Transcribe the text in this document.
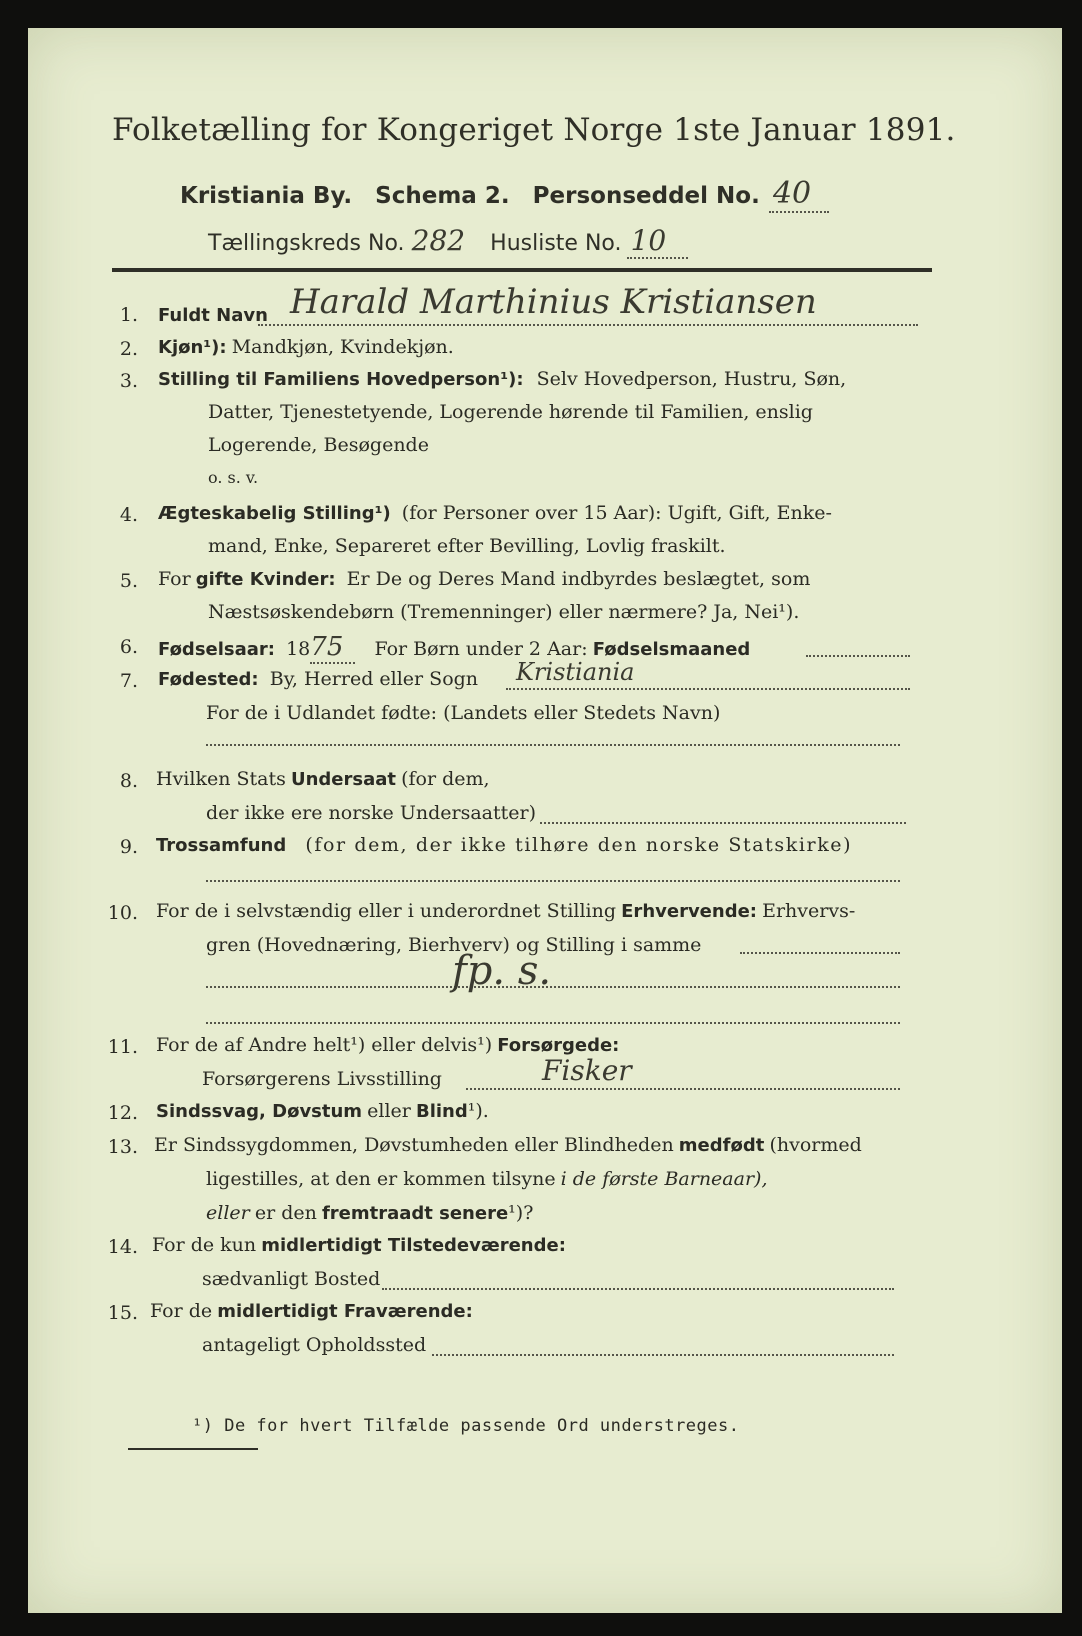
Folketælling for Kongeriget Norge 1ste Januar 1891.
Kristiania By. Schema 2. Personseddel No. 40
Tællingskreds No. 282 Husliste No. 10
1. Fuldt Navn Harald Marthinius Kristiansen
2. Kjøn¹): Mandkjøn, Kvindekjøn.
3. Stilling til Familiens Hovedperson¹): Selv Hovedperson, Hustru, Søn,
Datter, Tjenestetyende, Logerende hørende til Familien, enslig
Logerende, Besøgende
o. s. v.
4. Ægteskabelig Stilling¹) (for Personer over 15 Aar): Ugift, Gift, Enke-
mand, Enke, Separeret efter Bevilling, Lovlig fraskilt.
5. For gifte Kvinder: Er De og Deres Mand indbyrdes beslægtet, som
Næstsøskendebørn (Tremenninger) eller nærmere? Ja, Nei¹).
6. Fødselsaar: 1875 For Børn under 2 Aar: Fødselsmaaned
7. Fødested: By, Herred eller Sogn Kristiania
For de i Udlandet fødte: (Landets eller Stedets Navn)
8. Hvilken Stats Undersaat (for dem,
der ikke ere norske Undersaatter)
9. Trossamfund (for dem, der ikke tilhøre den norske Statskirke)
10. For de i selvstændig eller i underordnet Stilling Erhvervende: Erhvervs-
gren (Hovednæring, Bierhverv) og Stilling i samme
fp. s.
11. For de af Andre helt¹) eller delvis¹) Forsørgede:
Forsørgerens Livsstilling	Fisker
12. Sindssvag, Døvstum eller Blind¹).
13. Er Sindssygdommen, Døvstumheden eller Blindheden medfødt (hvormed
ligestilles, at den er kommen tilsyne i de første Barneaar),
eller er den fremtraadt senere¹)?
14. For de kun midlertidigt Tilstedeværende:
sædvanligt Bosted
15. For de midlertidigt Fraværende:
antageligt Opholdssted
¹) De for hvert Tilfælde passende Ord understreges.
